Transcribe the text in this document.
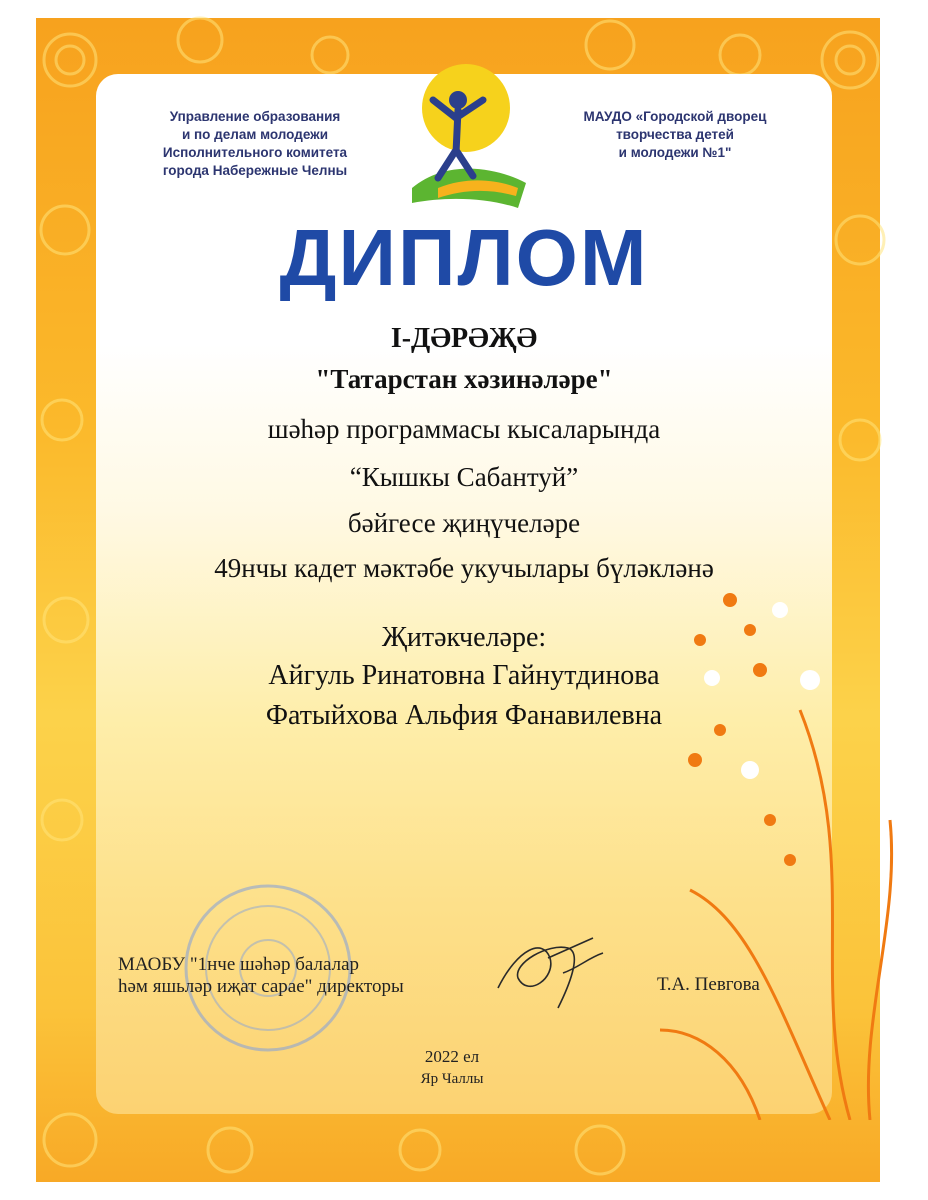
Управление образования
и по делам молодежи
Исполнительного комитета
города Набережные Челны
МАУДО «Городской дворец
творчества детей
и молодежи №1"
ДИПЛОМ
I-ДӘРӘҖӘ
"Татарстан хәзинәләре"
шәһәр программасы кысаларында
“Кышкы Сабантуй”
бәйгесе җиңүчеләре
49нчы кадет мәктәбе укучылары бүләкләнә
Җитәкчеләре:
Айгуль Ринатовна Гайнутдинова
Фатыйхова Альфия Фанавилевна
МАОБУ "1нче шәһәр балалар
һәм яшьләр иҗат сарае" директоры	Т.А. Певгова
2022 ел
Яр Чаллы
